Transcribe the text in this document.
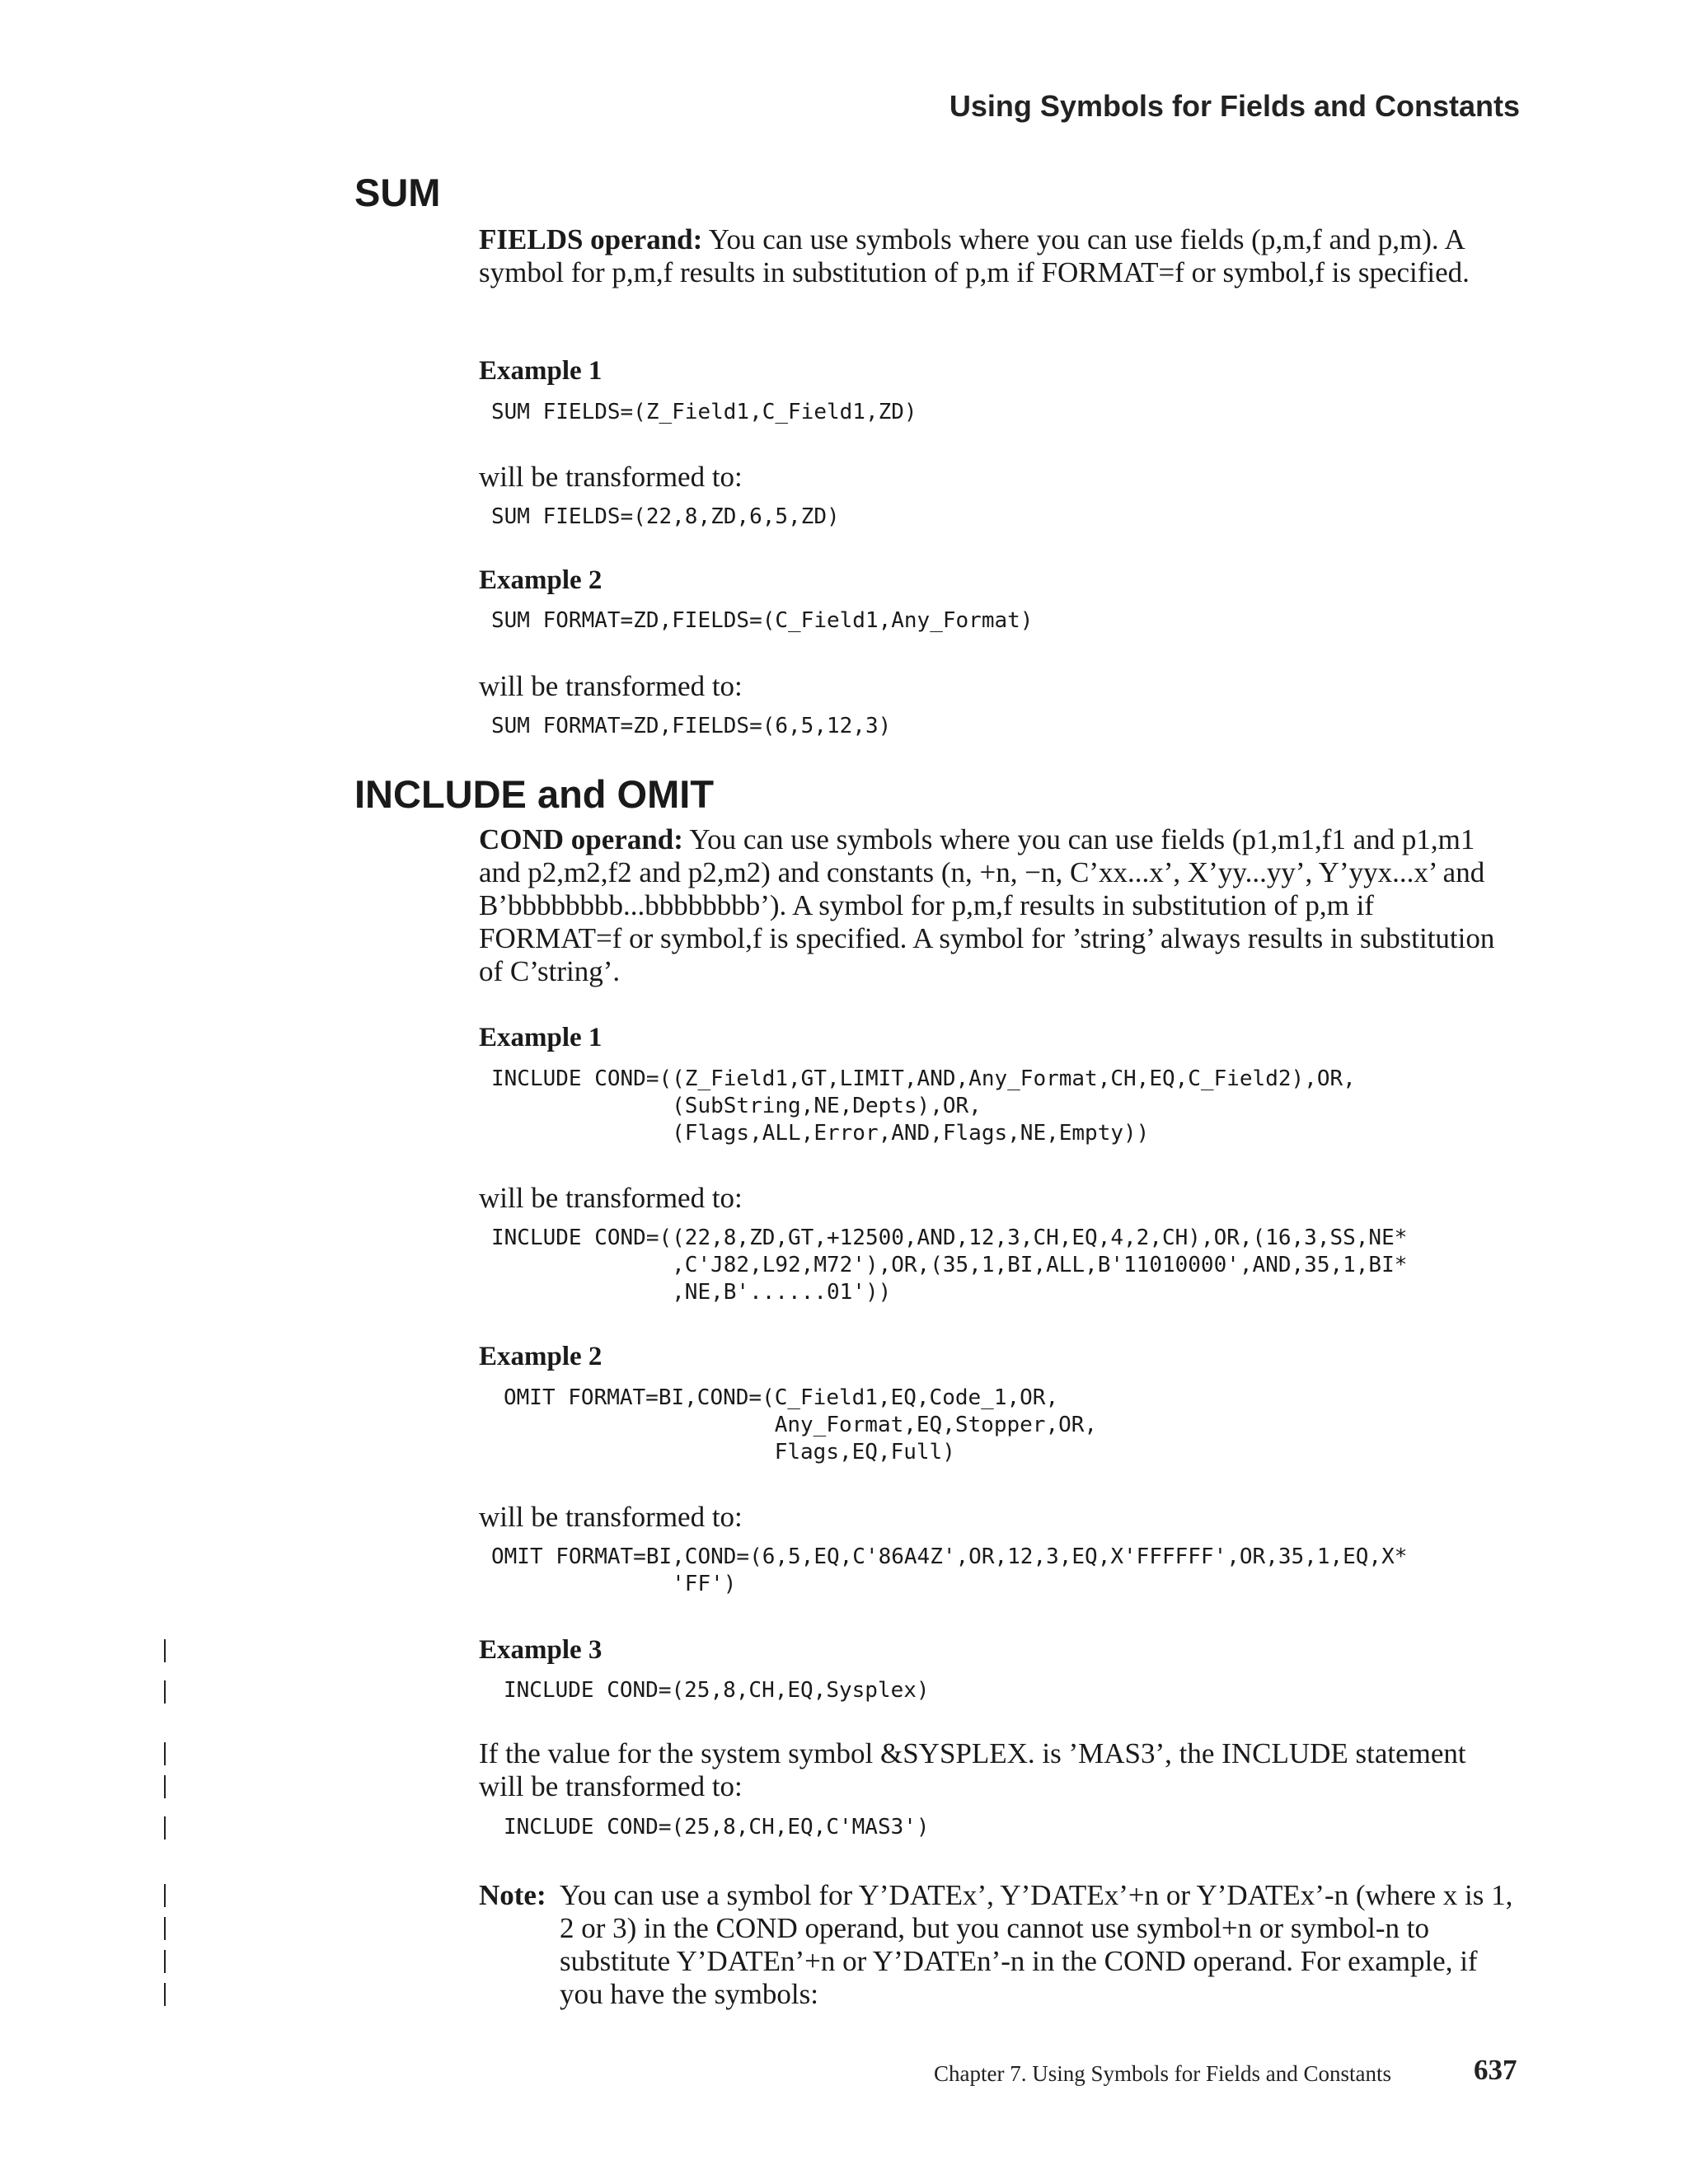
Using Symbols for Fields and Constants
SUM

FIELDS operand: You can use symbols where you can use fields (p,m,f and p,m). A symbol for p,m,f results in substitution of p,m if FORMAT=f or symbol,f is specified.

Example 1
SUM FIELDS=(Z_Field1,C_Field1,ZD)

will be transformed to:

SUM FIELDS=(22,8,ZD,6,5,ZD)
Example 2
SUM FORMAT=ZD,FIELDS=(C_Field1,Any_Format)

will be transformed to:

SUM FORMAT=ZD,FIELDS=(6,5,12,3)
INCLUDE and OMIT

COND operand: You can use symbols where you can use fields (p1,m1,f1 and p1,m1 and p2,m2,f2 and p2,m2) and constants (n, +n, −n, C’xx...x’, X’yy...yy’, Y’yyx...x’ and B’bbbbbbbb...bbbbbbbb’). A symbol for p,m,f results in substitution of p,m if FORMAT=f or symbol,f is specified. A symbol for ’string’ always results in substitution of C’string’.

Example 1
INCLUDE COND=((Z_Field1,GT,LIMIT,AND,Any_Format,CH,EQ,C_Field2),OR,
(SubString,NE,Depts),OR,
(Flags,ALL,Error,AND,Flags,NE,Empty))

will be transformed to:

INCLUDE COND=((22,8,ZD,GT,+12500,AND,12,3,CH,EQ,4,2,CH),OR,(16,3,SS,NE*
,C'J82,L92,M72'),OR,(35,1,BI,ALL,B'11010000',AND,35,1,BI*
,NE,B'......01'))
Example 2
OMIT FORMAT=BI,COND=(C_Field1,EQ,Code_1,OR,
Any_Format,EQ,Stopper,OR,
Flags,EQ,Full)

will be transformed to:

OMIT FORMAT=BI,COND=(6,5,EQ,C'86A4Z',OR,12,3,EQ,X'FFFFFF',OR,35,1,EQ,X*
'FF')
Example 3
INCLUDE COND=(25,8,CH,EQ,Sysplex)

If the value for the system symbol &SYSPLEX. is ’MAS3’, the INCLUDE statement will be transformed to:

INCLUDE COND=(25,8,CH,EQ,C'MAS3')
Note: You can use a symbol for Y’DATEx’, Y’DATEx’+n or Y’DATEx’-n (where x is 1, 2 or 3) in the COND operand, but you cannot use symbol+n or symbol-n to substitute Y’DATEn’+n or Y’DATEn’-n in the COND operand. For example, if you have the symbols:
Chapter 7. Using Symbols for Fields and Constants	637
